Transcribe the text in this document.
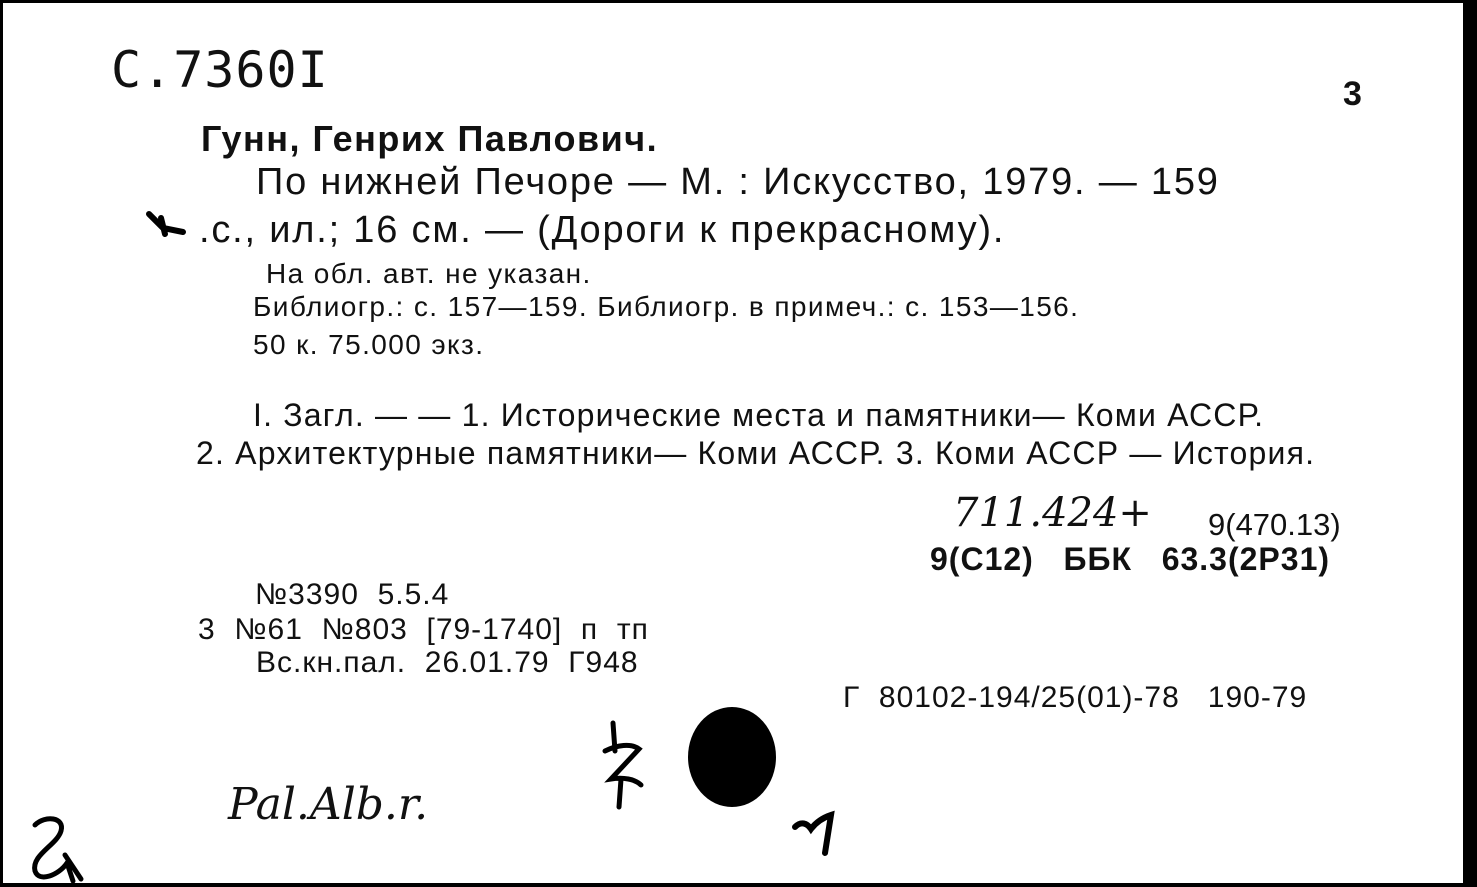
С.7360I	3
Гунн, Генрих Павлович.
По нижней Печоре — М. : Искусство, 1979. — 159
.с., ил.; 16 см. — (Дороги к прекрасному).
На обл. авт. не указан.
Библиогр.: с. 157—159. Библиогр. в примеч.: с. 153—156.
50 к. 75.000 экз.
I. Загл. — — 1. Исторические места и памятники— Коми АССР.
2. Архитектурные памятники— Коми АССР. 3. Коми АССР — История.
711.424+ 9(470.13)
9(С12)   ББК   63.3(2Р31)
№3390  5.5.4
3  №61  №803  [79-1740]  п  тп
Вс.кн.пал.  26.01.79  Г948
Г  80102-194/25(01)-78   190-79
Pal.Alb.r.
